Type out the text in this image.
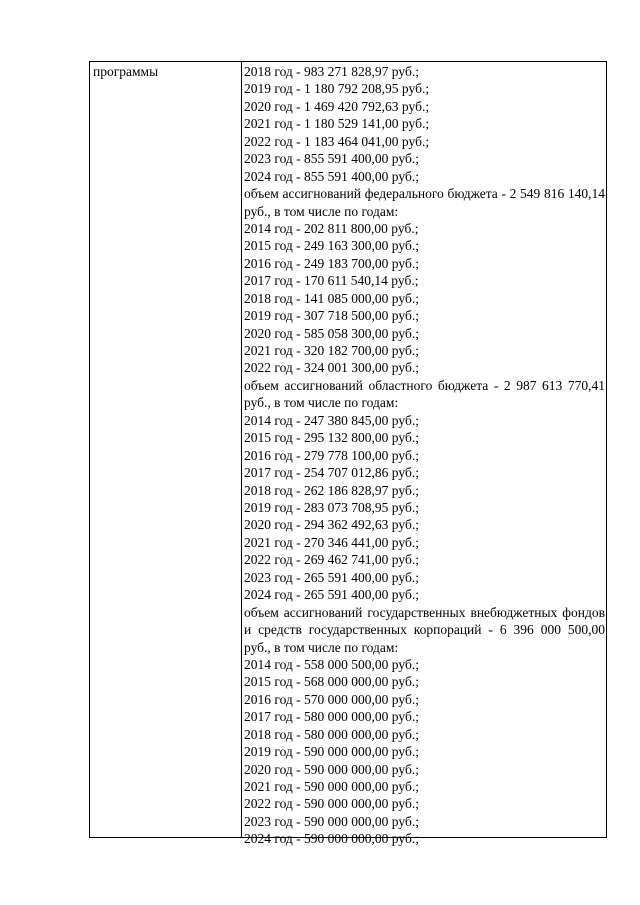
программы	2018 год - 983 271 828,97 руб.;
2019 год - 1 180 792 208,95 руб.;
2020 год - 1 469 420 792,63 руб.;
2021 год - 1 180 529 141,00 руб.;
2022 год - 1 183 464 041,00 руб.;
2023 год - 855 591 400,00 руб.;
2024 год - 855 591 400,00 руб.;
объем ассигнований федерального бюджета - 2 549 816 140,14 руб., в том числе по годам:
2014 год - 202 811 800,00 руб.;
2015 год - 249 163 300,00 руб.;
2016 год - 249 183 700,00 руб.;
2017 год - 170 611 540,14 руб.;
2018 год - 141 085 000,00 руб.;
2019 год - 307 718 500,00 руб.;
2020 год - 585 058 300,00 руб.;
2021 год - 320 182 700,00 руб.;
2022 год - 324 001 300,00 руб.;
объем ассигнований областного бюджета - 2 987 613 770,41 руб., в том числе по годам:
2014 год - 247 380 845,00 руб.;
2015 год - 295 132 800,00 руб.;
2016 год - 279 778 100,00 руб.;
2017 год - 254 707 012,86 руб.;
2018 год - 262 186 828,97 руб.;
2019 год - 283 073 708,95 руб.;
2020 год - 294 362 492,63 руб.;
2021 год - 270 346 441,00 руб.;
2022 год - 269 462 741,00 руб.;
2023 год - 265 591 400,00 руб.;
2024 год - 265 591 400,00 руб.;
объем ассигнований государственных внебюджетных фондов и средств государственных корпораций - 6 396 000 500,00 руб., в том числе по годам:
2014 год - 558 000 500,00 руб.;
2015 год - 568 000 000,00 руб.;
2016 год - 570 000 000,00 руб.;
2017 год - 580 000 000,00 руб.;
2018 год - 580 000 000,00 руб.;
2019 год - 590 000 000,00 руб.;
2020 год - 590 000 000,00 руб.;
2021 год - 590 000 000,00 руб.;
2022 год - 590 000 000,00 руб.;
2023 год - 590 000 000,00 руб.;
2024 год - 590 000 000,00 руб.;
